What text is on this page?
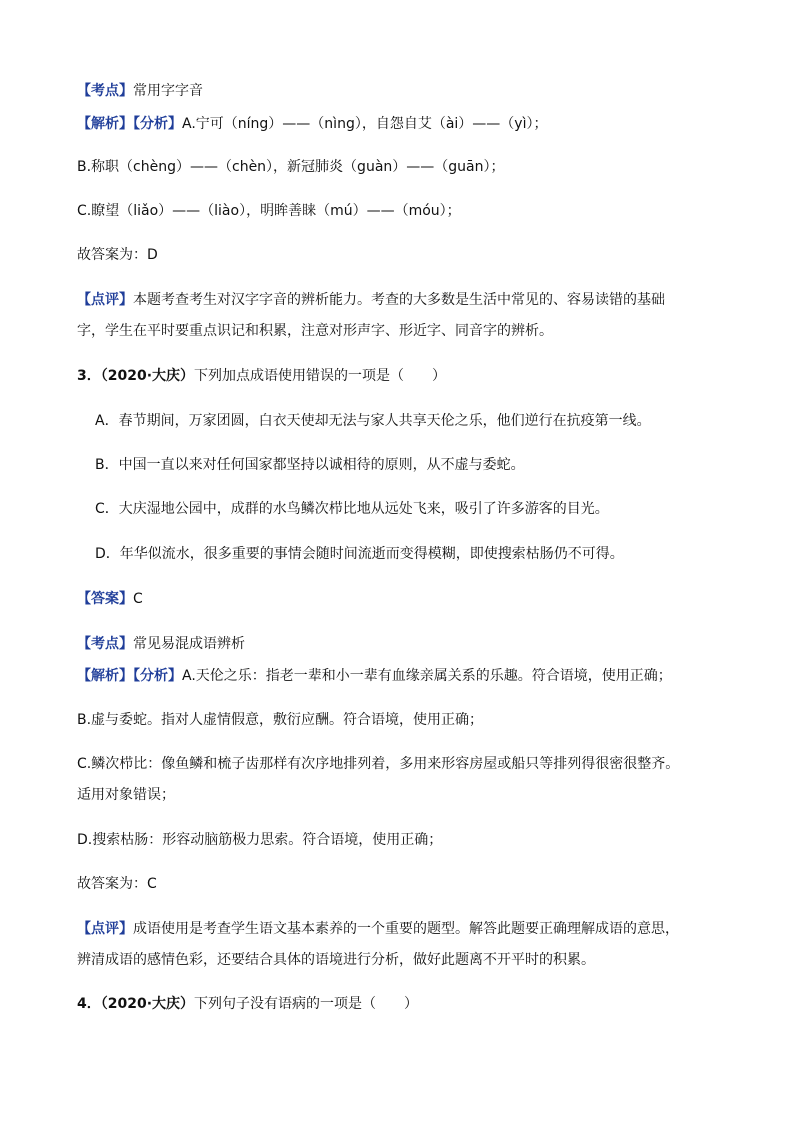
【考点】常用字字音
【解析】【分析】A.宁可（níng）——（nìng），自怨自艾（ài）——（yì）；
B.称职（chèng）——（chèn），新冠肺炎（guàn）——（guān）；
C.瞭望（liǎo）——（liào），明眸善睐（mú）——（móu）；
故答案为：D
【点评】本题考查考生对汉字字音的辨析能力。考查的大多数是生活中常见的、容易读错的基础
字，学生在平时要重点识记和积累，注意对形声字、形近字、同音字的辨析。
3．（2020·大庆）下列加点成语使用错误的一项是（　　）
A．春节期间，万家团圆，白衣天使却无法与家人共享天伦之乐，他们逆行在抗疫第一线。
B．中国一直以来对任何国家都坚持以诚相待的原则，从不虚与委蛇。
C．大庆湿地公园中，成群的水鸟鳞次栉比地从远处飞来，吸引了许多游客的目光。
D．年华似流水，很多重要的事情会随时间流逝而变得模糊，即使搜索枯肠仍不可得。
【答案】C
【考点】常见易混成语辨析
【解析】【分析】A.天伦之乐：指老一辈和小一辈有血缘亲属关系的乐趣。符合语境，使用正确；
B.虚与委蛇。指对人虚情假意，敷衍应酬。符合语境，使用正确；
C.鳞次栉比：像鱼鳞和梳子齿那样有次序地排列着，多用来形容房屋或船只等排列得很密很整齐。
适用对象错误；
D.搜索枯肠：形容动脑筋极力思索。符合语境，使用正确；
故答案为：C
【点评】成语使用是考查学生语文基本素养的一个重要的题型。解答此题要正确理解成语的意思，
辨清成语的感情色彩，还要结合具体的语境进行分析，做好此题离不开平时的积累。
4．（2020·大庆）下列句子没有语病的一项是（　　）
